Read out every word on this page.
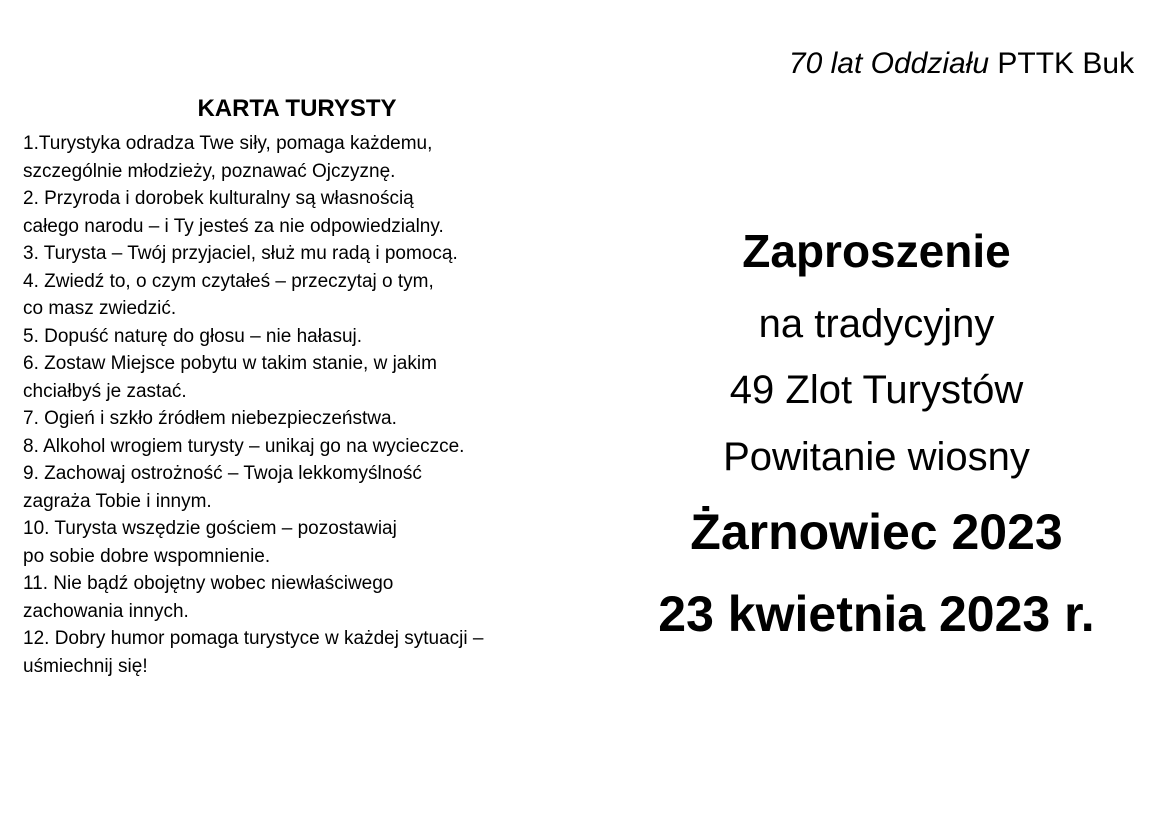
KARTA TURYSTY
1.Turystyka odradza Twe siły, pomaga każdemu,
szczególnie młodzieży, poznawać Ojczyznę.
2. Przyroda i dorobek kulturalny są własnością
całego narodu – i Ty jesteś za nie odpowiedzialny.
3. Turysta – Twój przyjaciel, służ mu radą i pomocą.
4. Zwiedź to, o czym czytałeś – przeczytaj o tym,
co masz zwiedzić.
5. Dopuść naturę do głosu – nie hałasuj.
6. Zostaw Miejsce pobytu w takim stanie, w jakim
chciałbyś je zastać.
7. Ogień i szkło źródłem niebezpieczeństwa.
8. Alkohol wrogiem turysty – unikaj go na wycieczce.
9. Zachowaj ostrożność – Twoja lekkomyślność
zagraża Tobie i innym.
10. Turysta wszędzie gościem – pozostawiaj
po sobie dobre wspomnienie.
11. Nie bądź obojętny wobec niewłaściwego
zachowania innych.
12. Dobry humor pomaga turystyce w każdej sytuacji –
uśmiechnij się!
70 lat Oddziału PTTK Buk
Zaproszenie
na tradycyjny
49 Zlot Turystów
Powitanie wiosny
Żarnowiec 2023
23 kwietnia 2023 r.
